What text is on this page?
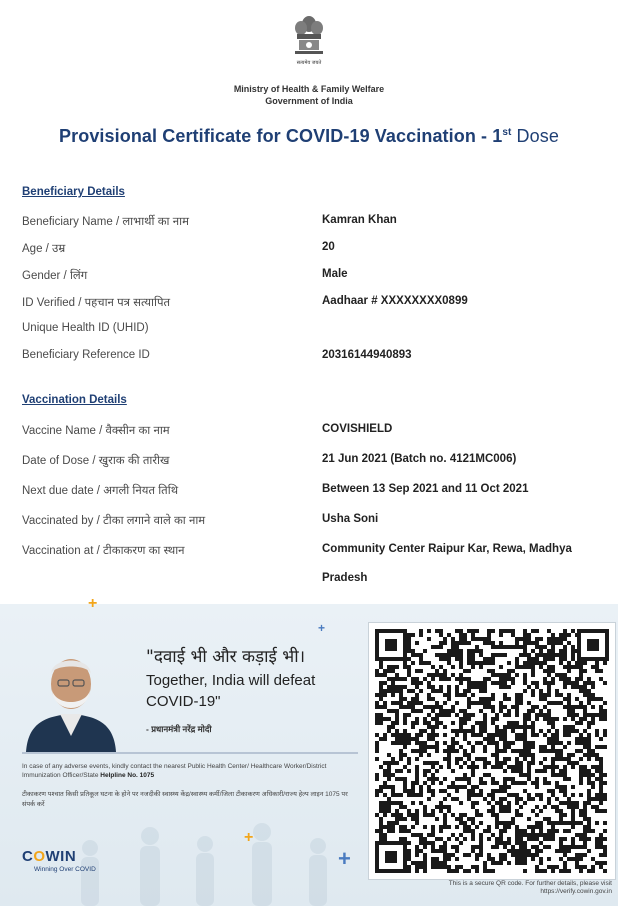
सत्यमेव जयते
Ministry of Health & Family Welfare
Government of India
Provisional Certificate for COVID-19 Vaccination - 1st Dose
Beneficiary Details
Beneficiary Name / लाभार्थी का नाम	Kamran Khan
Age / उम्र	20
Gender / लिंग	Male
ID Verified / पहचान पत्र सत्यापित	Aadhaar # XXXXXXXX0899
Unique Health ID (UHID)
Beneficiary Reference ID	20316144940893
Vaccination Details
Vaccine Name / वैक्सीन का नाम	COVISHIELD
Date of Dose / खुराक की तारीख	21 Jun 2021 (Batch no. 4121MC006)
Next due date / अगली नियत तिथि	Between 13 Sep 2021 and 11 Oct 2021
Vaccinated by / टीका लगाने वाले का नाम	Usha Soni
Vaccination at / टीकाकरण का स्थान	Community Center Raipur Kar, Rewa, Madhya
Pradesh
+
+
+
+
"दवाई भी और कड़ाई भी।
Together, India will defeat COVID-19"
- प्रधानमंत्री नरेंद्र मोदी
In case of any adverse events, kindly contact the nearest Public Health Center/ Healthcare Worker/District Immunization Officer/State Helpline No. 1075
टीकाकरण पश्चात किसी प्रतिकूल घटना के होने पर नजदीकी स्वास्थ्य केंद्र/स्वास्थ्य कर्मी/जिला टीकाकरण अधिकारी/राज्य हेल्प लाइन 1075 पर संपर्क करें
COWIN
Winning Over COVID
This is a secure QR code. For further details, please visit https://verify.cowin.gov.in
